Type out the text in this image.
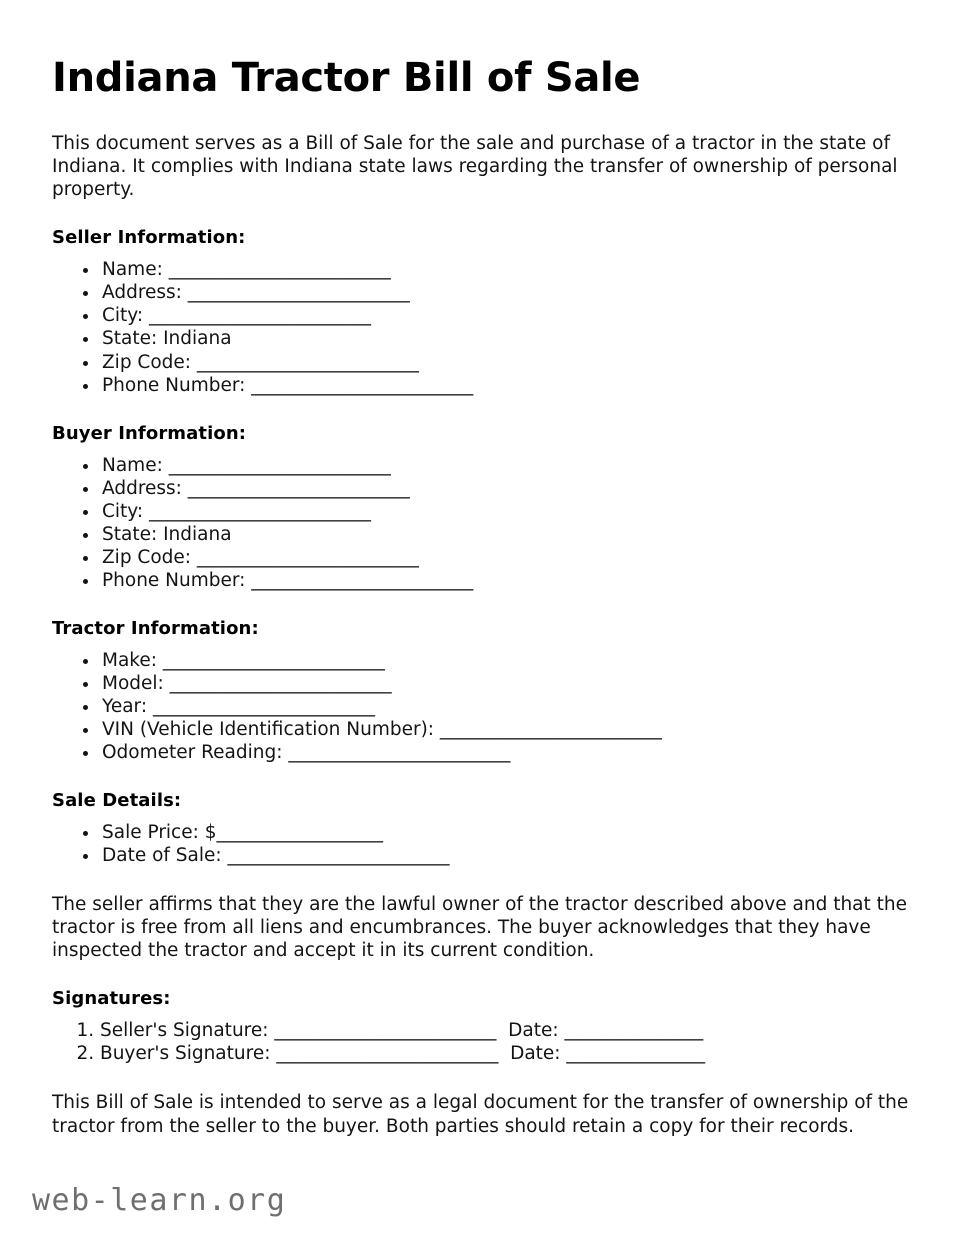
Indiana Tractor Bill of Sale

This document serves as a Bill of Sale for the sale and purchase of a tractor in the state of Indiana. It complies with Indiana state laws regarding the transfer of ownership of personal property.

Seller Information:
• Name: ________________________
• Address: ________________________
• City: ________________________
• State: Indiana
• Zip Code: ________________________
• Phone Number: ________________________
Buyer Information:
• Name: ________________________
• Address: ________________________
• City: ________________________
• State: Indiana
• Zip Code: ________________________
• Phone Number: ________________________
Tractor Information:
• Make: ________________________
• Model: ________________________
• Year: ________________________
• VIN (Vehicle Identification Number): ________________________
• Odometer Reading: ________________________
Sale Details:
• Sale Price: $__________________
• Date of Sale: ________________________

The seller affirms that they are the lawful owner of the tractor described above and that the tractor is free from all liens and encumbrances. The buyer acknowledges that they have inspected the tractor and accept it in its current condition.

Signatures:
1. Seller's Signature: ________________________  Date: _______________
2. Buyer's Signature: ________________________  Date: _______________

This Bill of Sale is intended to serve as a legal document for the transfer of ownership of the tractor from the seller to the buyer. Both parties should retain a copy for their records.

web-learn.org
